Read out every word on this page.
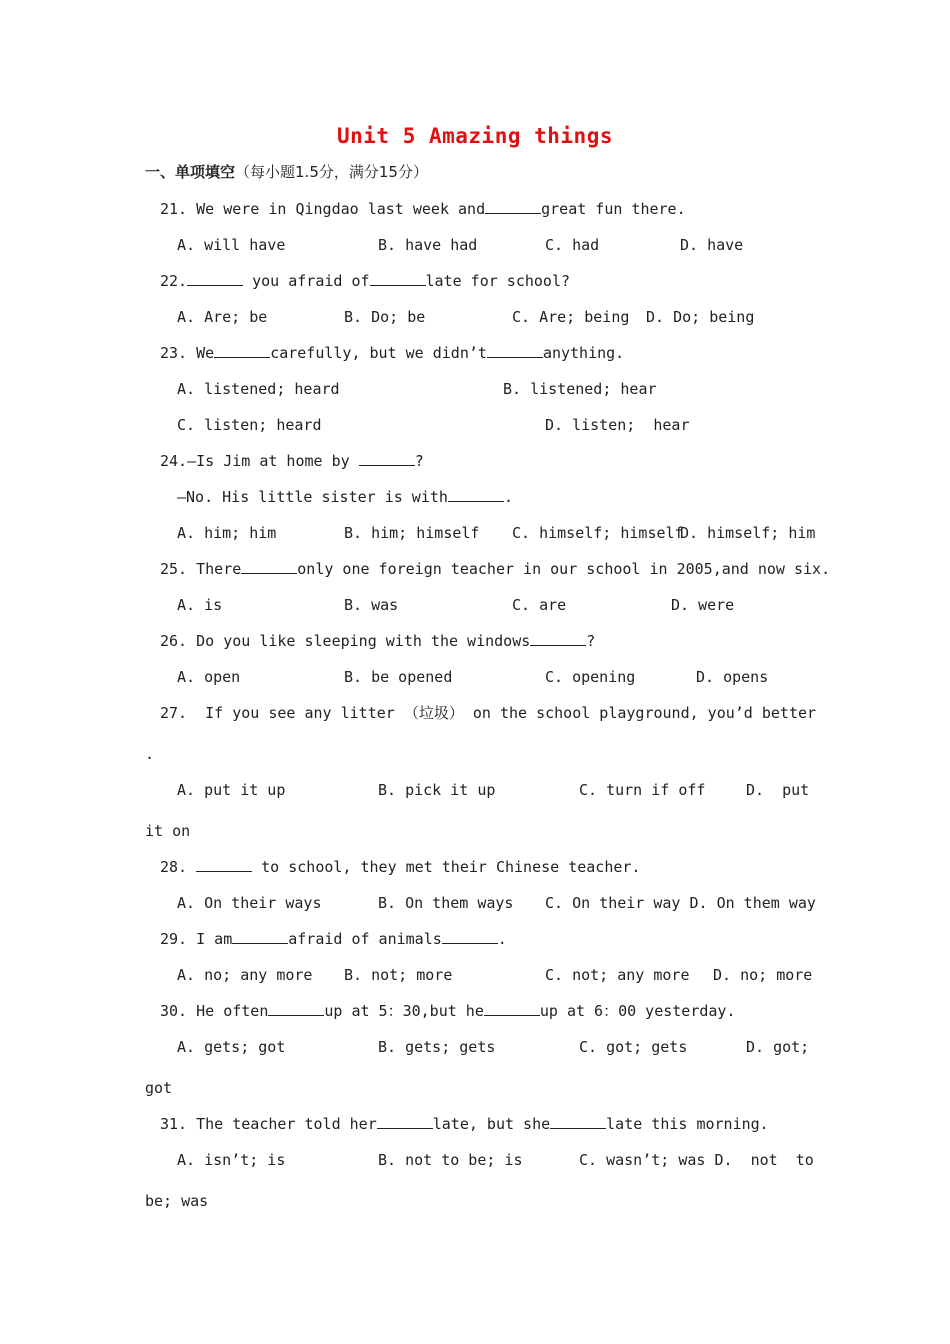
Unit 5 Amazing things
一、单项填空（每小题1.5分，满分15分）
21. We were in Qingdao last week and	great fun there.
A. will have	B. have had	C. had	D. have
22.	you afraid of	late for school?
A. Are; be	B. Do; be	C. Are; being D. Do; being
23. We	carefully, but we didn’t	anything.
A. listened; heard	B. listened; hear
C. listen; heard	D. listen;  hear
24.—Is Jim at home by	?
—No. His little sister is with	.
A. him; him	B. him; himself C. himself; himself
D. himself; him
25. There	only one foreign teacher in our school in 2005,and now six.
A. is	B. was	C. are	D. were
26. Do you like sleeping with the windows	?
A. open	B. be opened	C. opening	D. opens
27.  If you see any litter （垃圾） on the school playground, you’d better
.
A. put it up	B. pick it up	C. turn if off	D.  put
it on
28.	to school, they met their Chinese teacher.
A. On their ways	B. On them ways C. On their way D. On them way
29. I am	afraid of animals	.
A. no; any more B. not; more	C. not; any more D. no; more
30. He often	up at 5：30,but he	up at 6：00 yesterday.
A. gets; got	B. gets; gets	C. got; gets	D. got;
got
31. The teacher told her	late, but she	late this morning.
A. isn’t; is	B. not to be; is	C. wasn’t; was D.  not  to
be; was
